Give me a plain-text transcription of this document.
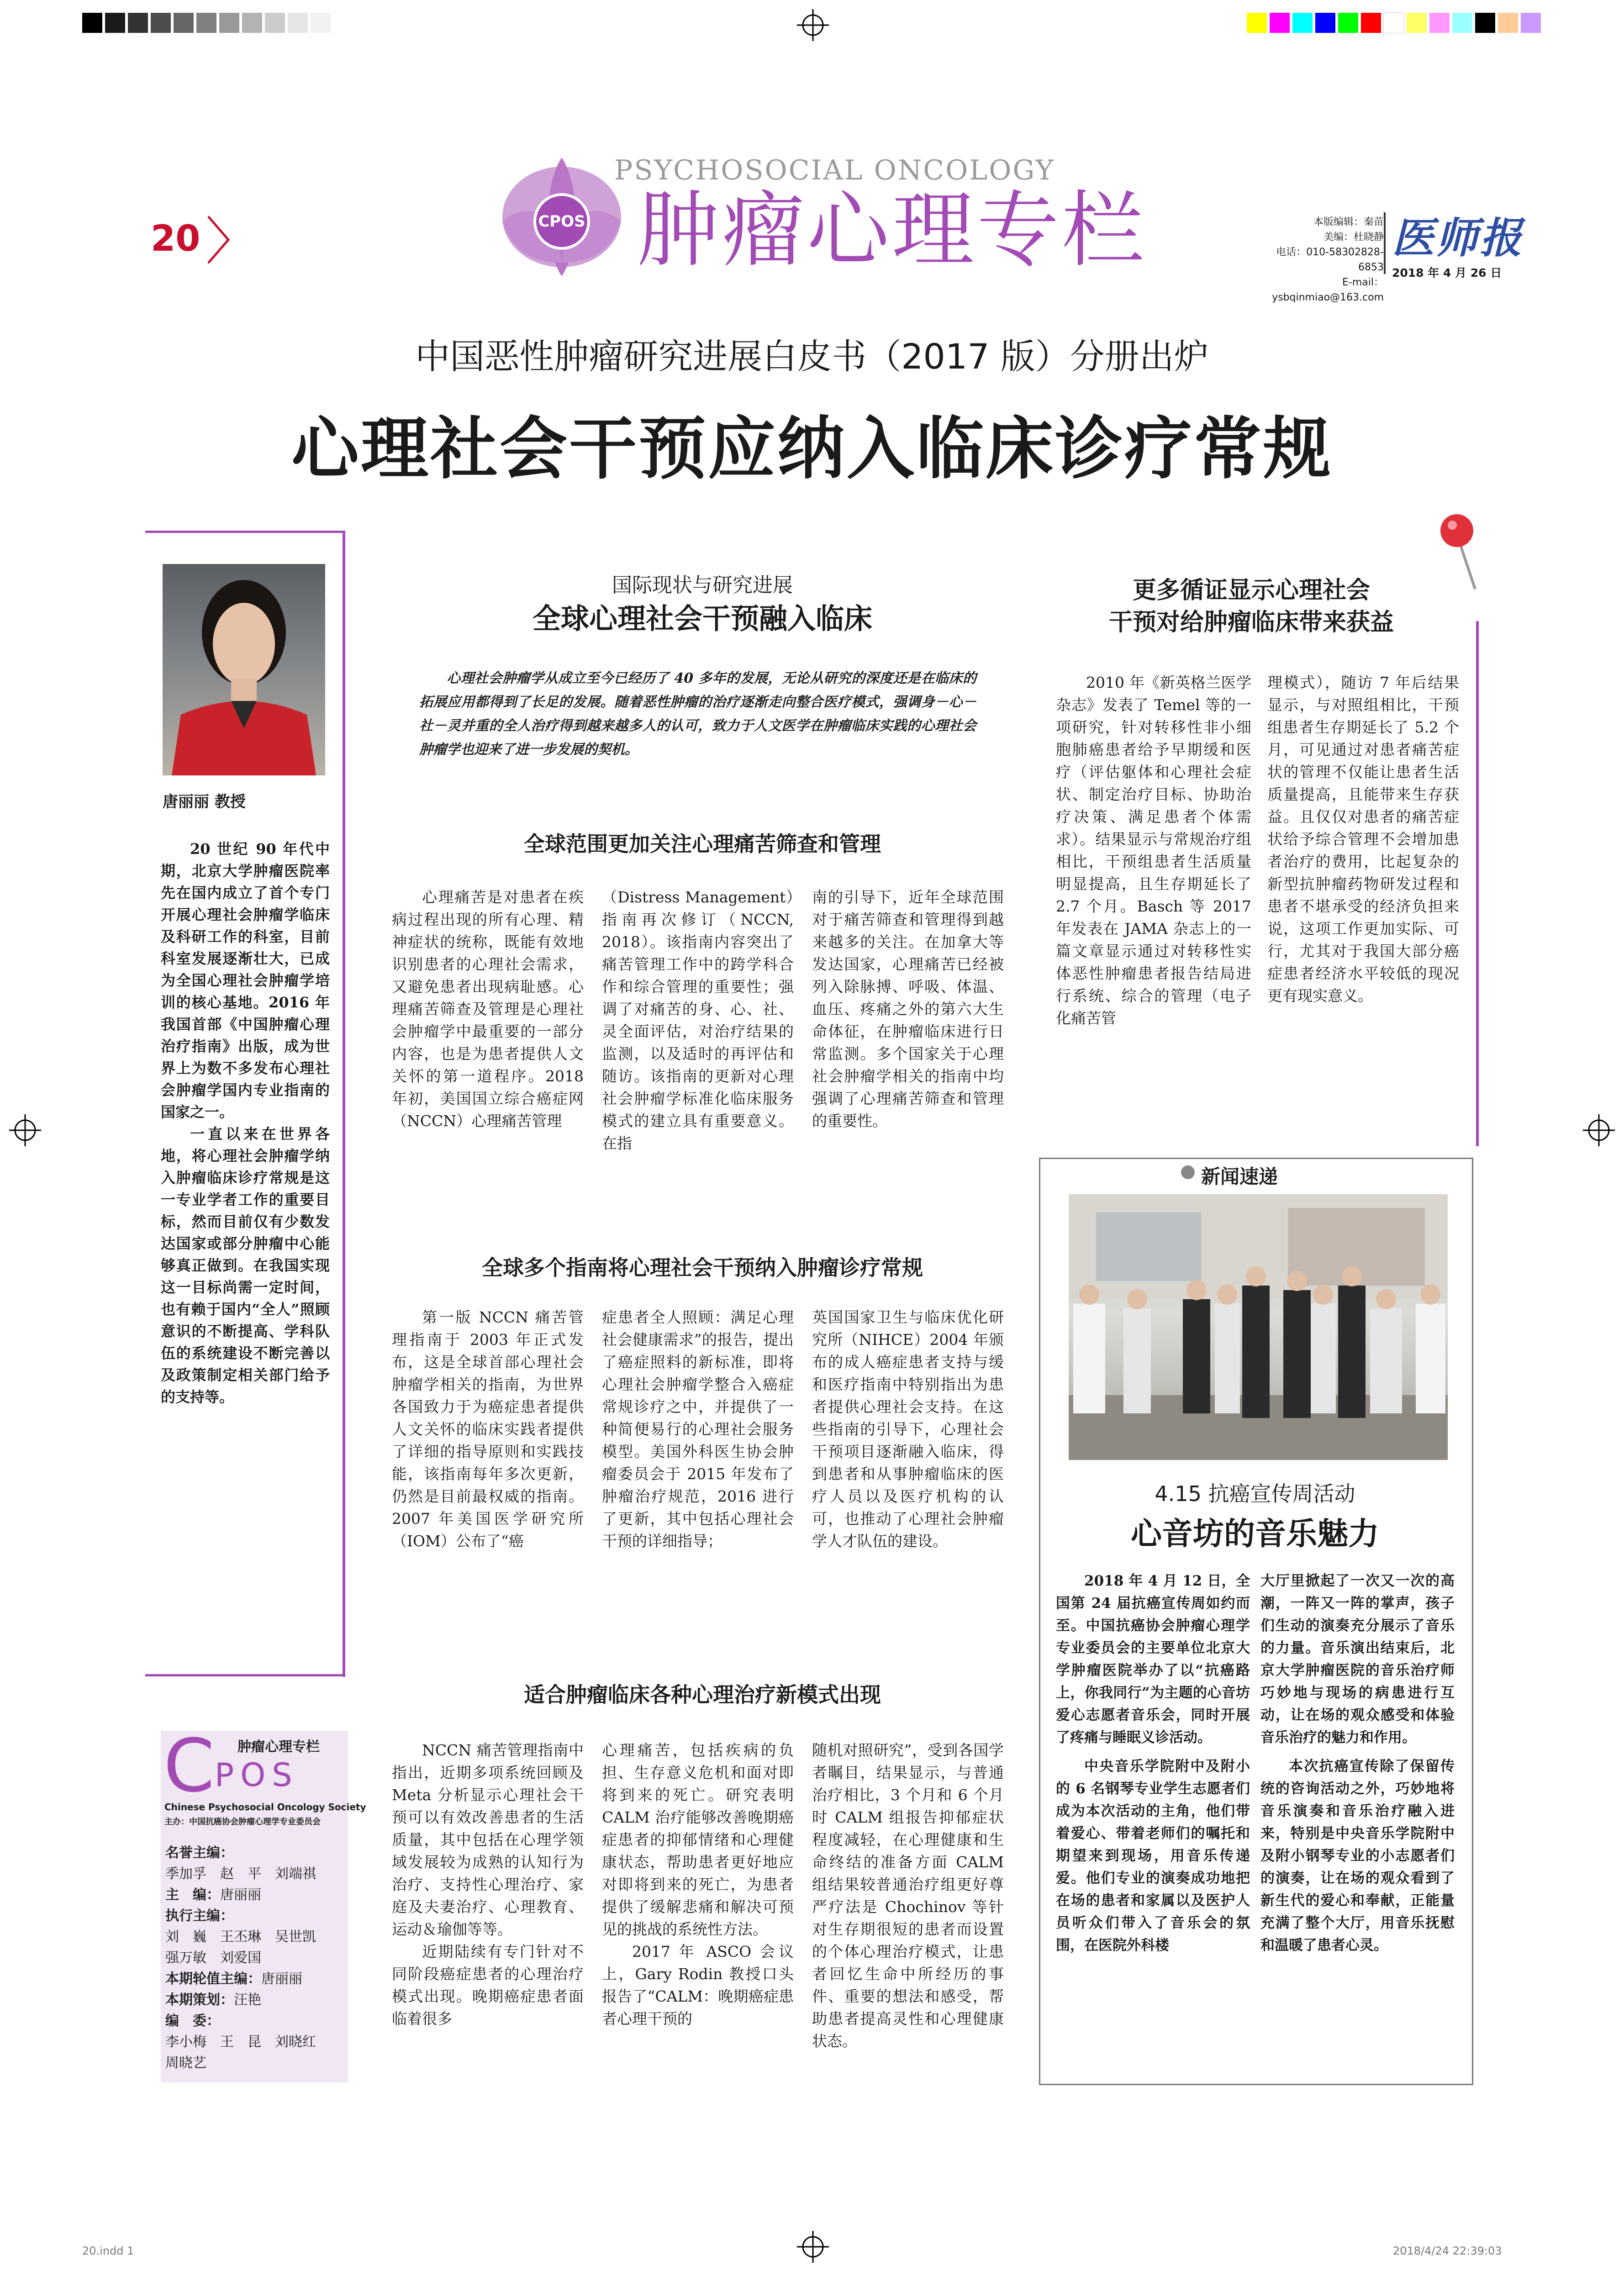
20	CPOS
PSYCHOSOCIAL ONCOLOGY
肿瘤心理专栏	本版编辑：秦苗
美编：杜晓静
电话：010-58302828-6853
E-mail：ysbqinmiao@163.com
医师报
2018 年 4 月 26 日
中国恶性肿瘤研究进展白皮书（2017 版）分册出炉
心理社会干预应纳入临床诊疗常规
唐丽丽 教授

20 世纪 90 年代中期，北京大学肿瘤医院率先在国内成立了首个专门开展心理社会肿瘤学临床及科研工作的科室，目前科室发展逐渐壮大，已成为全国心理社会肿瘤学培训的核心基地。2016 年我国首部《中国肿瘤心理治疗指南》出版，成为世界上为数不多发布心理社会肿瘤学国内专业指南的国家之一。

一直以来在世界各地，将心理社会肿瘤学纳入肿瘤临床诊疗常规是这一专业学者工作的重要目标，然而目前仅有少数发达国家或部分肿瘤中心能够真正做到。在我国实现这一目标尚需一定时间，也有赖于国内“全人”照顾意识的不断提高、学科队伍的系统建设不断完善以及政策制定相关部门给予的支持等。

国际现状与研究进展
全球心理社会干预融入临床

心理社会肿瘤学从成立至今已经历了 40 多年的发展，无论从研究的深度还是在临床的拓展应用都得到了长足的发展。随着恶性肿瘤的治疗逐渐走向整合医疗模式，强调身－心－社－灵并重的全人治疗得到越来越多人的认可，致力于人文医学在肿瘤临床实践的心理社会肿瘤学也迎来了进一步发展的契机。

全球范围更加关注心理痛苦筛查和管理

心理痛苦是对患者在疾病过程出现的所有心理、精神症状的统称，既能有效地识别患者的心理社会需求，又避免患者出现病耻感。心理痛苦筛查及管理是心理社会肿瘤学中最重要的一部分内容，也是为患者提供人文关怀的第一道程序。2018 年初，美国国立综合癌症网（NCCN）心理痛苦管理

（Distress Management）指南再次修订（NCCN, 2018）。该指南内容突出了痛苦管理工作中的跨学科合作和综合管理的重要性；强调了对痛苦的身、心、社、灵全面评估，对治疗结果的监测，以及适时的再评估和随访。该指南的更新对心理社会肿瘤学标准化临床服务模式的建立具有重要意义。在指

南的引导下，近年全球范围对于痛苦筛查和管理得到越来越多的关注。在加拿大等发达国家，心理痛苦已经被列入除脉搏、呼吸、体温、血压、疼痛之外的第六大生命体征，在肿瘤临床进行日常监测。多个国家关于心理社会肿瘤学相关的指南中均强调了心理痛苦筛查和管理的重要性。

全球多个指南将心理社会干预纳入肿瘤诊疗常规

第一版 NCCN 痛苦管理指南于 2003 年正式发布，这是全球首部心理社会肿瘤学相关的指南，为世界各国致力于为癌症患者提供人文关怀的临床实践者提供了详细的指导原则和实践技能，该指南每年多次更新，仍然是目前最权威的指南。2007 年美国医学研究所（IOM）公布了“癌

症患者全人照顾：满足心理社会健康需求”的报告，提出了癌症照料的新标准，即将心理社会肿瘤学整合入癌症常规诊疗之中，并提供了一种简便易行的心理社会服务模型。美国外科医生协会肿瘤委员会于 2015 年发布了肿瘤治疗规范，2016 进行了更新，其中包括心理社会干预的详细指导；

英国国家卫生与临床优化研究所（NIHCE）2004 年颁布的成人癌症患者支持与缓和医疗指南中特别指出为患者提供心理社会支持。在这些指南的引导下，心理社会干预项目逐渐融入临床，得到患者和从事肿瘤临床的医疗人员以及医疗机构的认可，也推动了心理社会肿瘤学人才队伍的建设。

适合肿瘤临床各种心理治疗新模式出现

NCCN 痛苦管理指南中指出，近期多项系统回顾及 Meta 分析显示心理社会干预可以有效改善患者的生活质量，其中包括在心理学领域发展较为成熟的认知行为治疗、支持性心理治疗、家庭及夫妻治疗、心理教育、运动＆瑜伽等等。

近期陆续有专门针对不同阶段癌症患者的心理治疗模式出现。晚期癌症患者面临着很多

心理痛苦，包括疾病的负担、生存意义危机和面对即将到来的死亡。研究表明 CALM 治疗能够改善晚期癌症患者的抑郁情绪和心理健康状态，帮助患者更好地应对即将到来的死亡，为患者提供了缓解悲痛和解决可预见的挑战的系统性方法。

2017 年 ASCO 会议上，Gary Rodin 教授口头报告了“CALM：晚期癌症患者心理干预的

随机对照研究”，受到各国学者瞩目，结果显示，与普通治疗相比，3 个月和 6 个月时 CALM 组报告抑郁症状程度减轻，在心理健康和生命终结的准备方面 CALM 组结果较普通治疗组更好尊严疗法是 Chochinov 等针对生存期很短的患者而设置的个体心理治疗模式，让患者回忆生命中所经历的事件、重要的想法和感受，帮助患者提高灵性和心理健康状态。

更多循证显示心理社会
干预对给肿瘤临床带来获益

2010 年《新英格兰医学杂志》发表了 Temel 等的一项研究，针对转移性非小细胞肺癌患者给予早期缓和医疗（评估躯体和心理社会症状、制定治疗目标、协助治疗决策、满足患者个体需求）。结果显示与常规治疗组相比，干预组患者生活质量明显提高，且生存期延长了 2.7 个月。Basch 等 2017 年发表在 JAMA 杂志上的一篇文章显示通过对转移性实体恶性肿瘤患者报告结局进行系统、综合的管理（电子化痛苦管

理模式），随访 7 年后结果显示，与对照组相比，干预组患者生存期延长了 5.2 个月，可见通过对患者痛苦症状的管理不仅能让患者生活质量提高，且能带来生存获益。且仅仅对患者的痛苦症状给予综合管理不会增加患者治疗的费用，比起复杂的新型抗肿瘤药物研发过程和患者不堪承受的经济负担来说，这项工作更加实际、可行，尤其对于我国大部分癌症患者经济水平较低的现况更有现实意义。

新闻速递
4.15 抗癌宣传周活动
心音坊的音乐魅力

2018 年 4 月 12 日，全国第 24 届抗癌宣传周如约而至。中国抗癌协会肿瘤心理学专业委员会的主要单位北京大学肿瘤医院举办了以“抗癌路上，你我同行”为主题的心音坊爱心志愿者音乐会，同时开展了疼痛与睡眠义诊活动。

中央音乐学院附中及附小的 6 名钢琴专业学生志愿者们成为本次活动的主角，他们带着爱心、带着老师们的嘱托和期望来到现场，用音乐传递爱。他们专业的演奏成功地把在场的患者和家属以及医护人员听众们带入了音乐会的氛围，在医院外科楼

大厅里掀起了一次又一次的高潮，一阵又一阵的掌声，孩子们生动的演奏充分展示了音乐的力量。音乐演出结束后，北京大学肿瘤医院的音乐治疗师巧妙地与现场的病患进行互动，让在场的观众感受和体验音乐治疗的魅力和作用。

本次抗癌宣传除了保留传统的咨询活动之外，巧妙地将音乐演奏和音乐治疗融入进来，特别是中央音乐学院附中及附小钢琴专业的小志愿者们的演奏，让在场的观众看到了新生代的爱心和奉献，正能量充满了整个大厅，用音乐抚慰和温暖了患者心灵。

肿瘤心理专栏
C POS
Chinese Psychosocial Oncology Society
主办：中国抗癌协会肿瘤心理学专业委员会
名誉主编：
季加孚　赵　平　刘端祺
主　编：唐丽丽
执行主编：
刘　巍　王丕琳　吴世凯
强万敏　刘爱国
本期轮值主编：唐丽丽
本期策划：汪艳
编　委：
李小梅　王　昆　刘晓红
周晓艺
20.indd 1	2018/4/24 22:39:03
